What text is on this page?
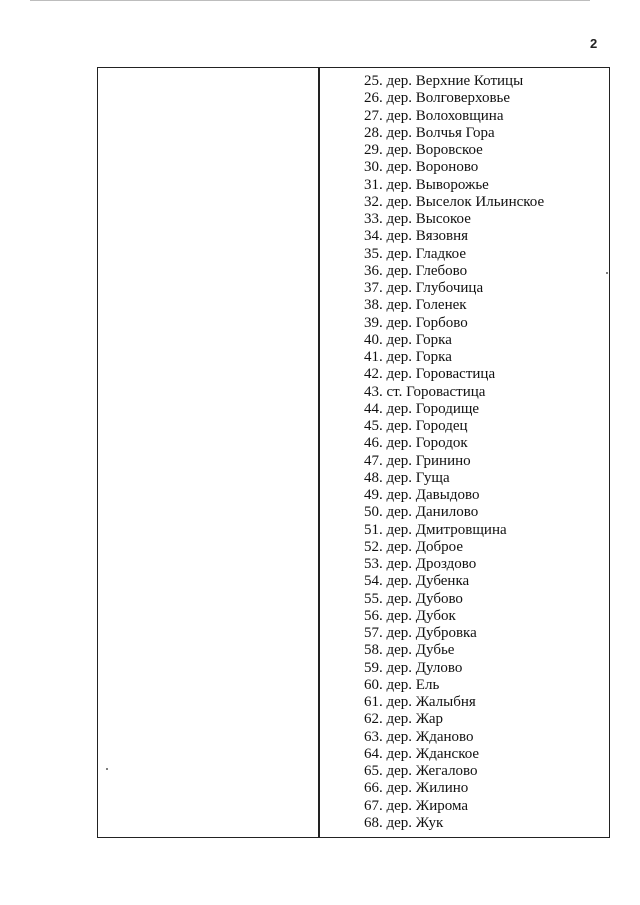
2
25. дер. Верхние Котицы
26. дер. Волговерховье
27. дер. Волоховщина
28. дер. Волчья Гора
29. дер. Воровское
30. дер. Вороново
31. дер. Выворожье
32. дер. Выселок Ильинское
33. дер. Высокое
34. дер. Вязовня
35. дер. Гладкое
36. дер. Глебово
37. дер. Глубочица
38. дер. Голенек
39. дер. Горбово
40. дер. Горка
41. дер. Горка
42. дер. Горовастица
43. ст. Горовастица
44. дер. Городище
45. дер. Городец
46. дер. Городок
47. дер. Гринино
48. дер. Гуща
49. дер. Давыдово
50. дер. Данилово
51. дер. Дмитровщина
52. дер. Доброе
53. дер. Дроздово
54. дер. Дубенка
55. дер. Дубово
56. дер. Дубок
57. дер. Дубровка
58. дер. Дубье
59. дер. Дулово
60. дер. Ель
61. дер. Жалыбня
62. дер. Жар
63. дер. Жданово
64. дер. Жданское
65. дер. Жегалово
66. дер. Жилино
67. дер. Жирома
68. дер. Жук
